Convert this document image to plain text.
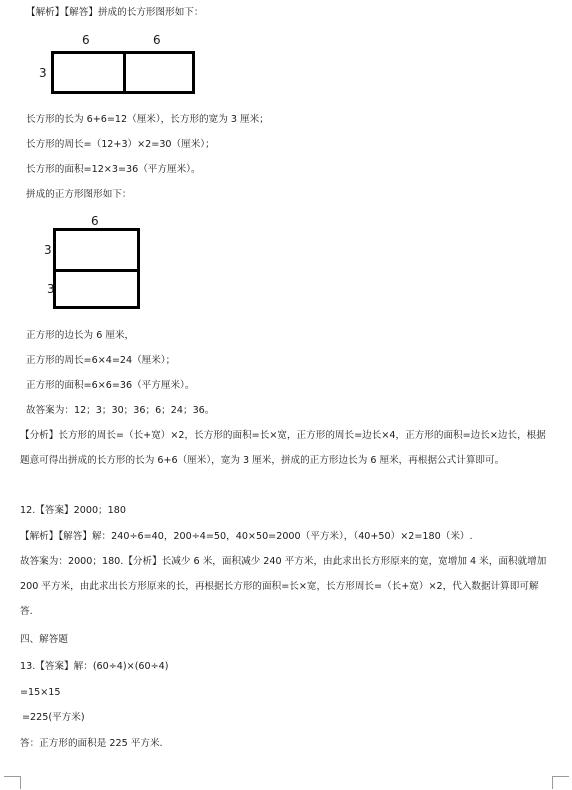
【解析】【解答】拼成的长方形图形如下：
6	6
3
长方形的长为 6+6=12（厘米），长方形的宽为 3 厘米；
长方形的周长=（12+3）×2=30（厘米）；
长方形的面积=12×3=36（平方厘米）。
拼成的正方形图形如下：
6
3
3
正方形的边长为 6 厘米，
正方形的周长=6×4=24（厘米）；
正方形的面积=6×6=36（平方厘米）。
故答案为：12；3；30；36；6；24；36。
【分析】长方形的周长=（长+宽）×2，长方形的面积=长×宽，正方形的周长=边长×4，正方形的面积=边长×边长，根据题意可得出拼成的长方形的长为 6+6（厘米），宽为 3 厘米，拼成的正方形边长为 6 厘米，再根据公式计算即可。
12.【答案】2000；180
【解析】【解答】解：240÷6=40，200÷4=50，40×50=2000（平方米），（40+50）×2=180（米）.
故答案为：2000；180.【分析】长减少 6 米，面积减少 240 平方米，由此求出长方形原来的宽，宽增加 4 米，面积就增加 200 平方米，由此求出长方形原来的长，再根据长方形的面积=长×宽，长方形周长=（长+宽）×2，代入数据计算即可解答.
四、解答题
13.【答案】解：(60÷4)×(60÷4)
=15×15
=225(平方米)
答：正方形的面积是 225 平方米.
